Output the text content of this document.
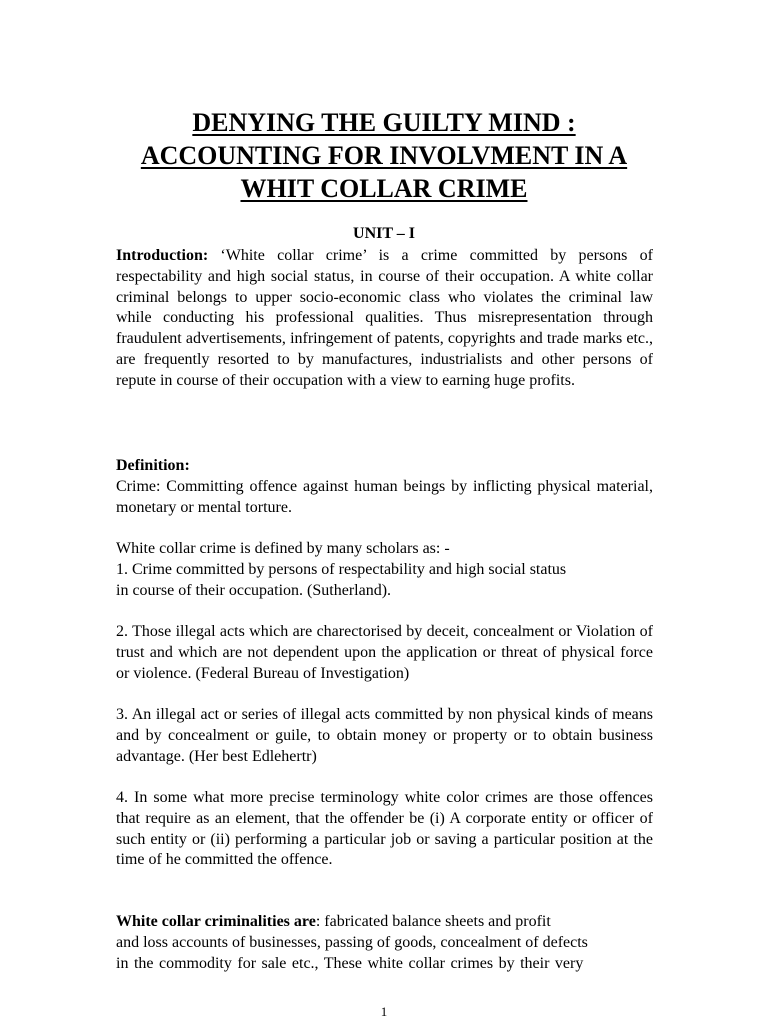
DENYING THE GUILTY MIND :
ACCOUNTING FOR INVOLVMENT IN A
WHIT COLLAR CRIME
UNIT – I
Introduction: ‘White collar crime’ is a crime committed by persons of respectability and high social status, in course of their occupation. A white collar criminal belongs to upper socio-economic class who violates the criminal law while conducting his professional qualities. Thus misrepresentation through fraudulent advertisements, infringement of patents, copyrights and trade marks etc., are frequently resorted to by manufactures, industrialists and other persons of repute in course of their occupation with a view to earning huge profits.
Definition:
Crime: Committing offence against human beings by inflicting physical material, monetary or mental torture.
White collar crime is defined by many scholars as: -
1. Crime committed by persons of respectability and high social status
in course of their occupation. (Sutherland).
2. Those illegal acts which are charectorised by deceit, concealment or Violation of trust and which are not dependent upon the application or threat of physical force or violence. (Federal Bureau of Investigation)
3. An illegal act or series of illegal acts committed by non physical kinds of means and by concealment or guile, to obtain money or property or to obtain business advantage. (Her best Edlehertr)
4. In some what more precise terminology white color crimes are those offences that require as an element, that the offender be (i) A corporate entity or officer of such entity or (ii) performing a particular job or saving a particular position at the time of he committed the offence.
White collar criminalities are: fabricated balance sheets and profit
and loss accounts of businesses, passing of goods, concealment of defects
in the commodity for sale etc., These white collar crimes by their very
1
